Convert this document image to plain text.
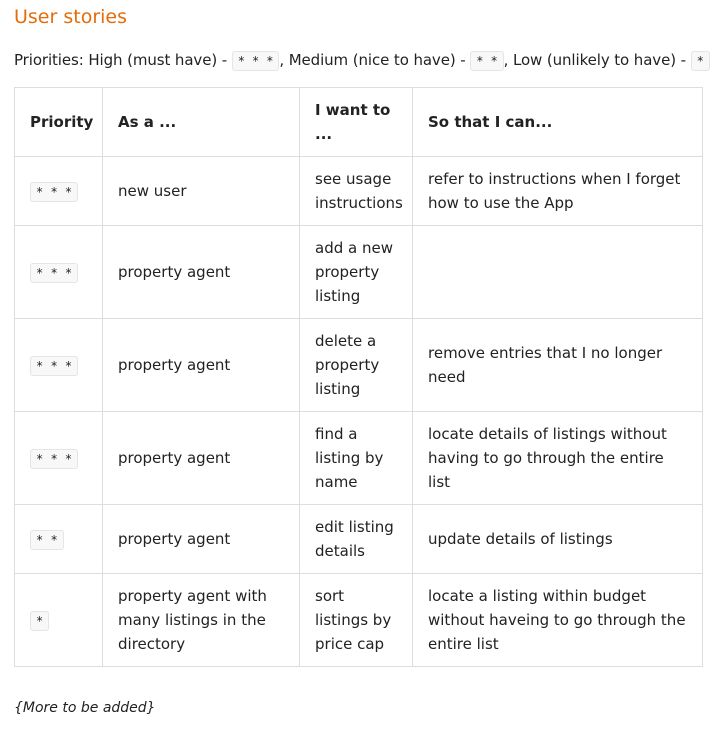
User stories
Priorities: High (must have) - * * * , Medium (nice to have) - * * , Low (unlikely to have) - *
Priority	As a ...	I want to ...	So that I can...
* * *	new user	see usage instructions	refer to instructions when I forget how to use the App
* * *	property agent	add a new property listing	
* * *	property agent	delete a property listing	remove entries that I no longer need
* * *	property agent	find a listing by name	locate details of listings without having to go through the entire list
* *	property agent	edit listing details	update details of listings
*	property agent with many listings in the directory	sort listings by price cap	locate a listing within budget without haveing to go through the entire list
{More to be added}
